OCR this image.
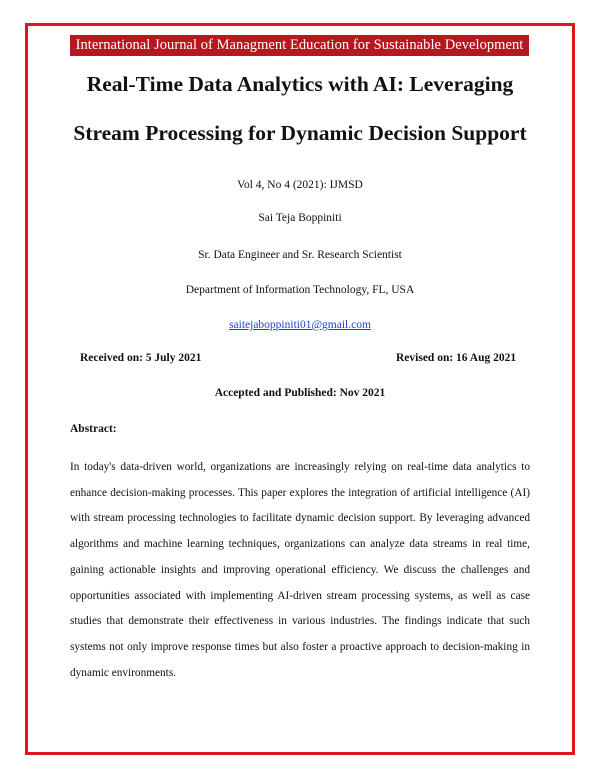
International Journal of Managment Education for Sustainable Development
Real-Time Data Analytics with AI: Leveraging
Stream Processing for Dynamic Decision Support
Vol 4, No 4 (2021): IJMSD
Sai Teja Boppiniti
Sr. Data Engineer and Sr. Research Scientist
Department of Information Technology, FL, USA
saitejaboppiniti01@gmail.com
Received on: 5 July 2021	Revised on: 16 Aug 2021
Accepted and Published: Nov 2021
Abstract:
In today's data-driven world, organizations are increasingly relying on real-time data analytics to enhance decision-making processes. This paper explores the integration of artificial intelligence (AI) with stream processing technologies to facilitate dynamic decision support. By leveraging advanced algorithms and machine learning techniques, organizations can analyze data streams in real time, gaining actionable insights and improving operational efficiency. We discuss the challenges and opportunities associated with implementing AI-driven stream processing systems, as well as case studies that demonstrate their effectiveness in various industries. The findings indicate that such systems not only improve response times but also foster a proactive approach to decision-making in dynamic environments.
